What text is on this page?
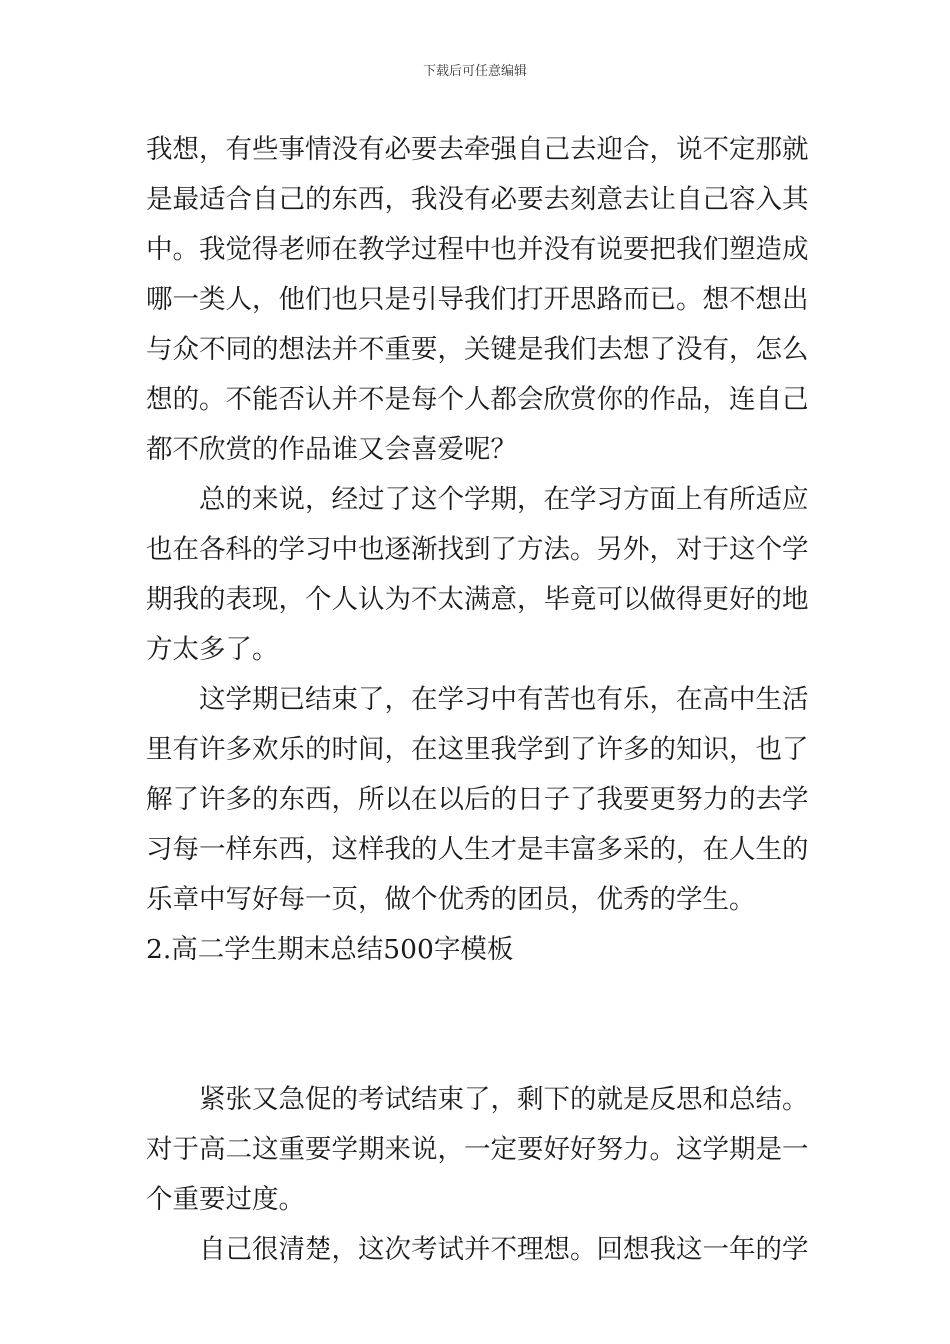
下载后可任意编辑
我想，有些事情没有必要去牵强自己去迎合，说不定那就
是最适合自己的东西，我没有必要去刻意去让自己容入其
中。我觉得老师在教学过程中也并没有说要把我们塑造成
哪一类人，他们也只是引导我们打开思路而已。想不想出
与众不同的想法并不重要，关键是我们去想了没有，怎么
想的。不能否认并不是每个人都会欣赏你的作品，连自己
都不欣赏的作品谁又会喜爱呢？
总的来说，经过了这个学期，在学习方面上有所适应
也在各科的学习中也逐渐找到了方法。另外，对于这个学
期我的表现，个人认为不太满意，毕竟可以做得更好的地
方太多了。
这学期已结束了，在学习中有苦也有乐，在高中生活
里有许多欢乐的时间，在这里我学到了许多的知识，也了
解了许多的东西，所以在以后的日子了我要更努力的去学
习每一样东西，这样我的人生才是丰富多采的，在人生的
乐章中写好每一页，做个优秀的团员，优秀的学生。
2.高二学生期末总结500字模板
紧张又急促的考试结束了，剩下的就是反思和总结。
对于高二这重要学期来说，一定要好好努力。这学期是一
个重要过度。
自己很清楚，这次考试并不理想。回想我这一年的学
